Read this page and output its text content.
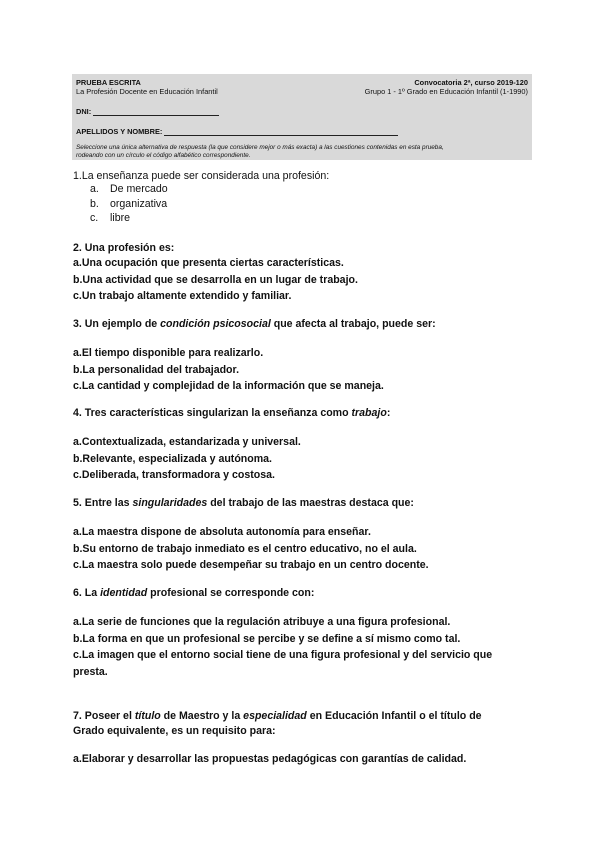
PRUEBA ESCRITA	Convocatoria 2ª, curso 2019-120
La Profesión Docente en Educación Infantil	Grupo 1 - 1º Grado en Educación Infantil (1-1990)
DNI:
APELLIDOS Y NOMBRE:
Seleccione una única alternativa de respuesta (la que considere mejor o más exacta) a las cuestiones contenidas en esta prueba,
rodeando con un círculo el código alfabético correspondiente.
1.La enseñanza puede ser considerada una profesión:
a. De mercado
b. organizativa
c. libre
2. Una profesión es:
a.Una ocupación que presenta ciertas características.
b.Una actividad que se desarrolla en un lugar de trabajo.
c.Un trabajo altamente extendido y familiar.
3. Un ejemplo de condición psicosocial que afecta al trabajo, puede ser:
a.El tiempo disponible para realizarlo.
b.La personalidad del trabajador.
c.La cantidad y complejidad de la información que se maneja.
4. Tres características singularizan la enseñanza como trabajo:
a.Contextualizada, estandarizada y universal.
b.Relevante, especializada y autónoma.
c.Deliberada, transformadora y costosa.
5. Entre las singularidades del trabajo de las maestras destaca que:
a.La maestra dispone de absoluta autonomía para enseñar.
b.Su entorno de trabajo inmediato es el centro educativo, no el aula.
c.La maestra solo puede desempeñar su trabajo en un centro docente.
6. La identidad profesional se corresponde con:
a.La serie de funciones que la regulación atribuye a una figura profesional.
b.La forma en que un profesional se percibe y se define a sí mismo como tal.
c.La imagen que el entorno social tiene de una figura profesional y del servicio que
presta.
7. Poseer el título de Maestro y la especialidad en Educación Infantil o el título de
Grado equivalente, es un requisito para:
a.Elaborar y desarrollar las propuestas pedagógicas con garantías de calidad.
